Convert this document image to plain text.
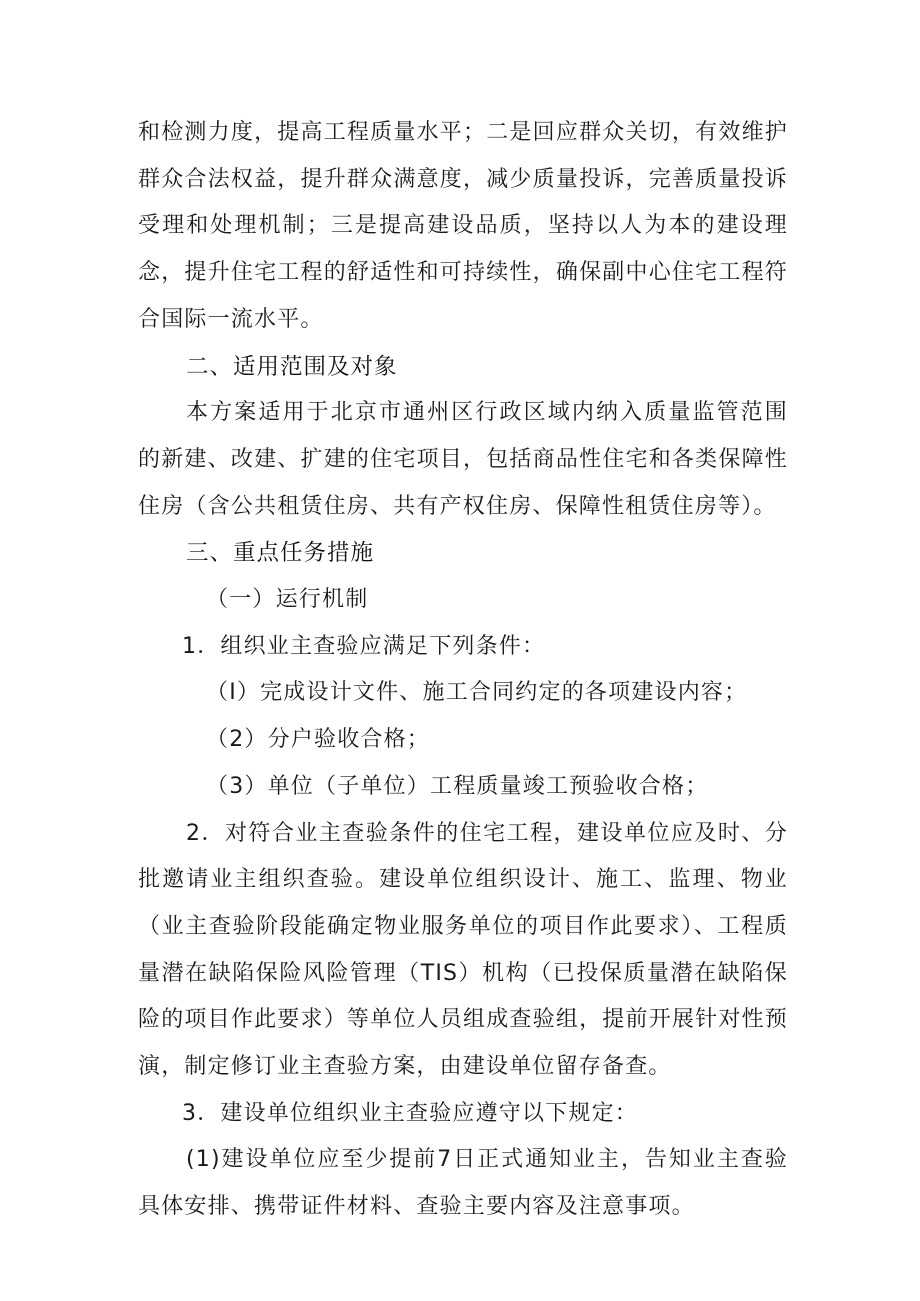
和检测力度，提高工程质量水平；二是回应群众关切，有效维护群众合法权益，提升群众满意度，减少质量投诉，完善质量投诉受理和处理机制；三是提高建设品质，坚持以人为本的建设理念，提升住宅工程的舒适性和可持续性，确保副中心住宅工程符合国际一流水平。

二、适用范围及对象

本方案适用于北京市通州区行政区域内纳入质量监管范围的新建、改建、扩建的住宅项目，包括商品性住宅和各类保障性住房（含公共租赁住房、共有产权住房、保障性租赁住房等）。

三、重点任务措施

（一）运行机制

1．组织业主查验应满足下列条件：

（I）完成设计文件、施工合同约定的各项建设内容；

（2）分户验收合格；

（3）单位（子单位）工程质量竣工预验收合格；

2．对符合业主查验条件的住宅工程，建设单位应及时、分批邀请业主组织查验。建设单位组织设计、施工、监理、物业（业主查验阶段能确定物业服务单位的项目作此要求）、工程质量潜在缺陷保险风险管理（TIS）机构（已投保质量潜在缺陷保险的项目作此要求）等单位人员组成查验组，提前开展针对性预演，制定修订业主查验方案，由建设单位留存备查。

3．建设单位组织业主查验应遵守以下规定：

(1)建设单位应至少提前7日正式通知业主，告知业主查验具体安排、携带证件材料、查验主要内容及注意事项。
